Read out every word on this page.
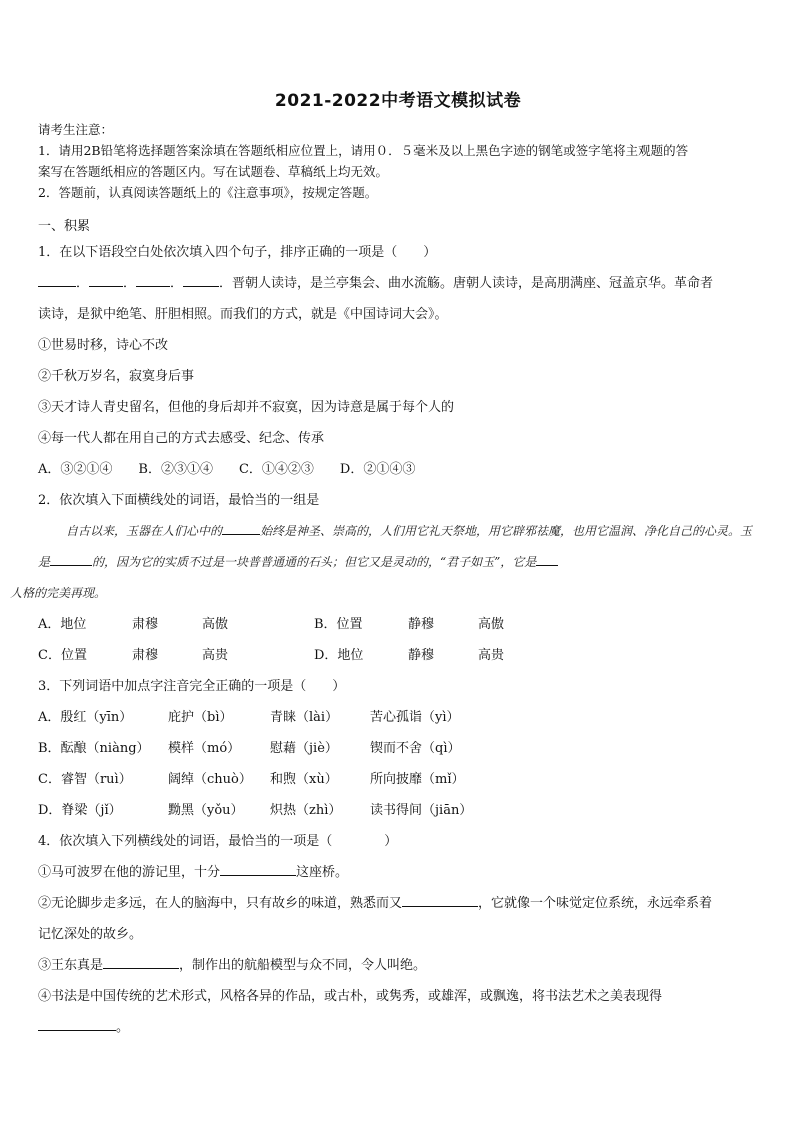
2021-2022中考语文模拟试卷
请考生注意：
1．请用2B铅笔将选择题答案涂填在答题纸相应位置上，请用０．５毫米及以上黑色字迹的钢笔或签字笔将主观题的答
案写在答题纸相应的答题区内。写在试题卷、草稿纸上均无效。
2．答题前，认真阅读答题纸上的《注意事项》，按规定答题。
一、积累
1．在以下语段空白处依次填入四个句子，排序正确的一项是（　　）
．	．	．	．晋朝人读诗，是兰亭集会、曲水流觞。唐朝人读诗，是高朋满座、冠盖京华。革命者
读诗，是狱中绝笔、肝胆相照。而我们的方式，就是《中国诗词大会》。
①世易时移，诗心不改
②千秋万岁名，寂寞身后事
③天才诗人青史留名，但他的身后却并不寂寞，因为诗意是属于每个人的
④每一代人都在用自己的方式去感受、纪念、传承
A．③②①④ B．②③①④ C．①④②③ D．②①④③
2．依次填入下面横线处的词语，最恰当的一组是
自古以来，玉器在人们心中的	始终是神圣、崇高的，人们用它礼天祭地，用它辟邪祛魔，也用它温润、净化自己的心灵。玉是	的，因为它的实质不过是一块普普通通的石头；但它又是灵动的，“君子如玉”，它是
人格的完美再现。
A．地位	肃穆	高傲	B．位置	静穆	高傲
C．位置	肃穆	高贵	D．地位	静穆	高贵
3．下列词语中加点字注音完全正确的一项是（　　）
A．殷红（yīn）	庇护（bì）	青睐（lài）	苦心孤诣（yì）
B．酝酿（niàng）	模样（mó）	慰藉（jiè）	锲而不舍（qì）
C．睿智（ruì）	阔绰（chuò）	和煦（xù）	所向披靡（mǐ）
D．脊梁（jǐ）	黝黑（yǒu）	炽热（zhì）	读书得间（jiān）
4．依次填入下列横线处的词语，最恰当的一项是（　　　　）
①马可波罗在他的游记里，十分	这座桥。
②无论脚步走多远，在人的脑海中，只有故乡的味道，熟悉而又	，它就像一个味觉定位系统，永远牵系着
记忆深处的故乡。
③王东真是	，制作出的航船模型与众不同，令人叫绝。
④书法是中国传统的艺术形式，风格各异的作品，或古朴，或隽秀，或雄浑，或飘逸，将书法艺术之美表现得
。
